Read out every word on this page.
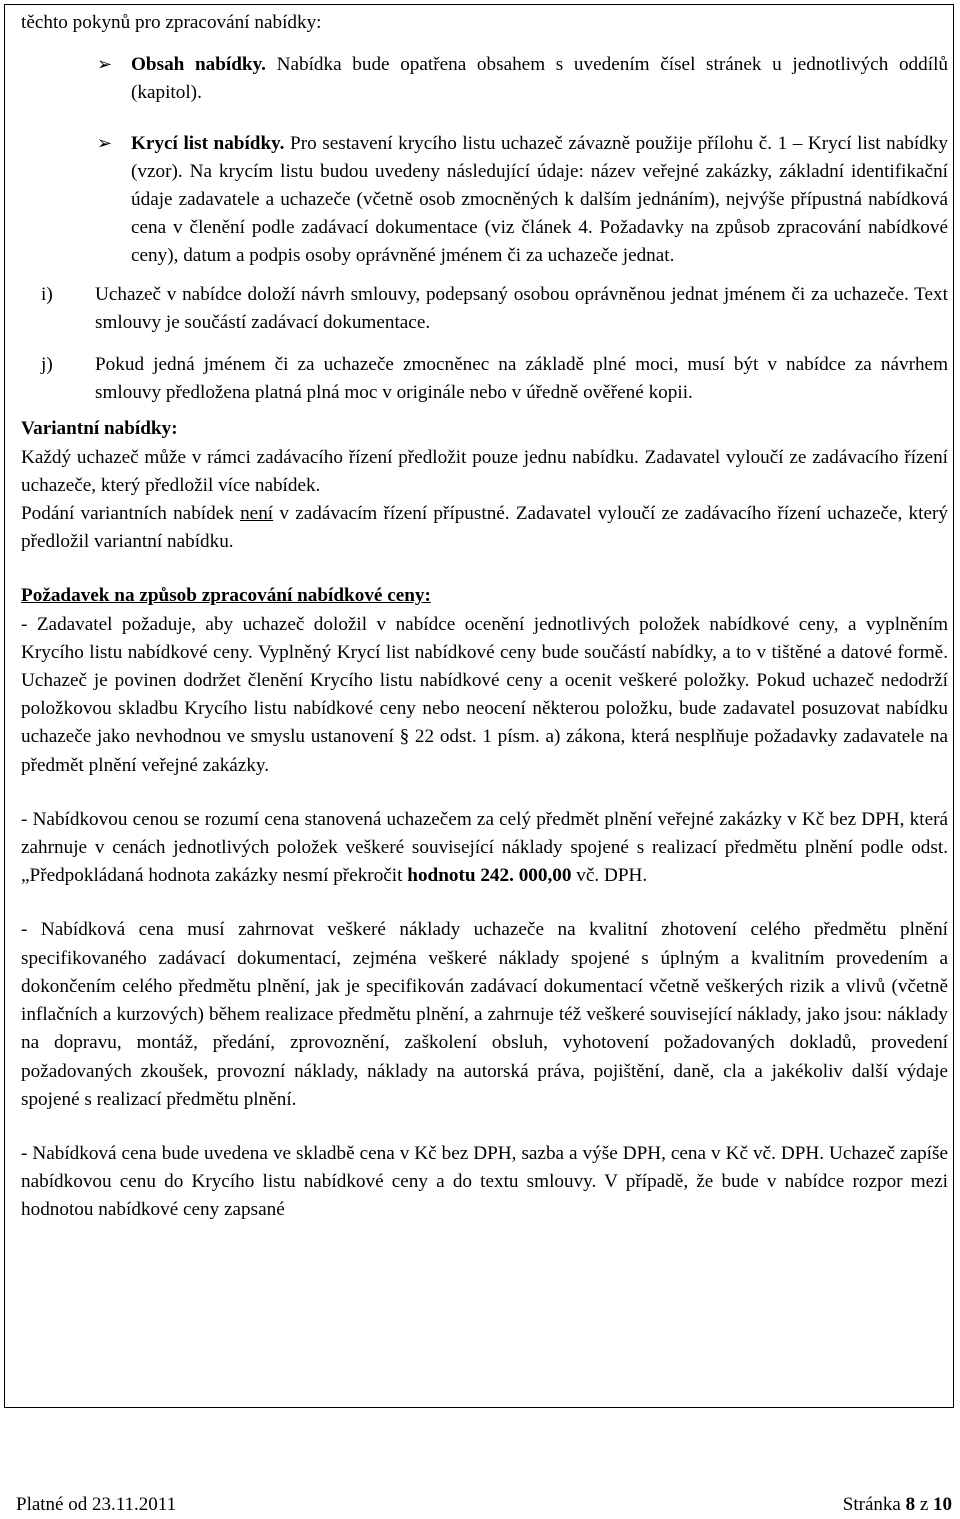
těchto pokynů pro zpracování nabídky:

➢ Obsah nabídky. Nabídka bude opatřena obsahem s uvedením čísel stránek u jednotlivých oddílů (kapitol).

➢ Krycí list nabídky. Pro sestavení krycího listu uchazeč závazně použije přílohu č. 1 – Krycí list nabídky (vzor). Na krycím listu budou uvedeny následující údaje: název veřejné zakázky, základní identifikační údaje zadavatele a uchazeče (včetně osob zmocněných k dalším jednáním), nejvýše přípustná nabídková cena v členění podle zadávací dokumentace (viz článek 4. Požadavky na způsob zpracování nabídkové ceny), datum a podpis osoby oprávněné jménem či za uchazeče jednat.

i) Uchazeč v nabídce doloží návrh smlouvy, podepsaný osobou oprávněnou jednat jménem či za uchazeče. Text smlouvy je součástí zadávací dokumentace.

j) Pokud jedná jménem či za uchazeče zmocněnec na základě plné moci, musí být v nabídce za návrhem smlouvy předložena platná plná moc v originále nebo v úředně ověřené kopii.

Variantní nabídky:

Každý uchazeč může v rámci zadávacího řízení předložit pouze jednu nabídku. Zadavatel vyloučí ze zadávacího řízení uchazeče, který předložil více nabídek.

Podání variantních nabídek není v zadávacím řízení přípustné. Zadavatel vyloučí ze zadávacího řízení uchazeče, který předložil variantní nabídku.

Požadavek na způsob zpracování nabídkové ceny:

- Zadavatel požaduje, aby uchazeč doložil v nabídce ocenění jednotlivých položek nabídkové ceny, a vyplněním Krycího listu nabídkové ceny. Vyplněný Krycí list nabídkové ceny bude součástí nabídky, a to v tištěné a datové formě. Uchazeč je povinen dodržet členění Krycího listu nabídkové ceny a ocenit veškeré položky. Pokud uchazeč nedodrží položkovou skladbu Krycího listu nabídkové ceny nebo neocení některou položku, bude zadavatel posuzovat nabídku uchazeče jako nevhodnou ve smyslu ustanovení § 22 odst. 1 písm. a) zákona, která nesplňuje požadavky zadavatele na předmět plnění veřejné zakázky.

- Nabídkovou cenou se rozumí cena stanovená uchazečem za celý předmět plnění veřejné zakázky v Kč bez DPH, která zahrnuje v cenách jednotlivých položek veškeré související náklady spojené s realizací předmětu plnění podle odst. „Předpokládaná hodnota zakázky nesmí překročit hodnotu 242. 000,00 vč. DPH.

- Nabídková cena musí zahrnovat veškeré náklady uchazeče na kvalitní zhotovení celého předmětu plnění specifikovaného zadávací dokumentací, zejména veškeré náklady spojené s úplným a kvalitním provedením a dokončením celého předmětu plnění, jak je specifikován zadávací dokumentací včetně veškerých rizik a vlivů (včetně inflačních a kurzových) během realizace předmětu plnění, a zahrnuje též veškeré související náklady, jako jsou: náklady na dopravu, montáž, předání, zprovoznění, zaškolení obsluh, vyhotovení požadovaných dokladů, provedení požadovaných zkoušek, provozní náklady, náklady na autorská práva, pojištění, daně, cla a jakékoliv další výdaje spojené s realizací předmětu plnění.

- Nabídková cena bude uvedena ve skladbě cena v Kč bez DPH, sazba a výše DPH, cena v Kč vč. DPH. Uchazeč zapíše nabídkovou cenu do Krycího listu nabídkové ceny a do textu smlouvy. V případě, že bude v nabídce rozpor mezi hodnotou nabídkové ceny zapsané

Platné od 23.11.2011	Stránka 8 z 10
